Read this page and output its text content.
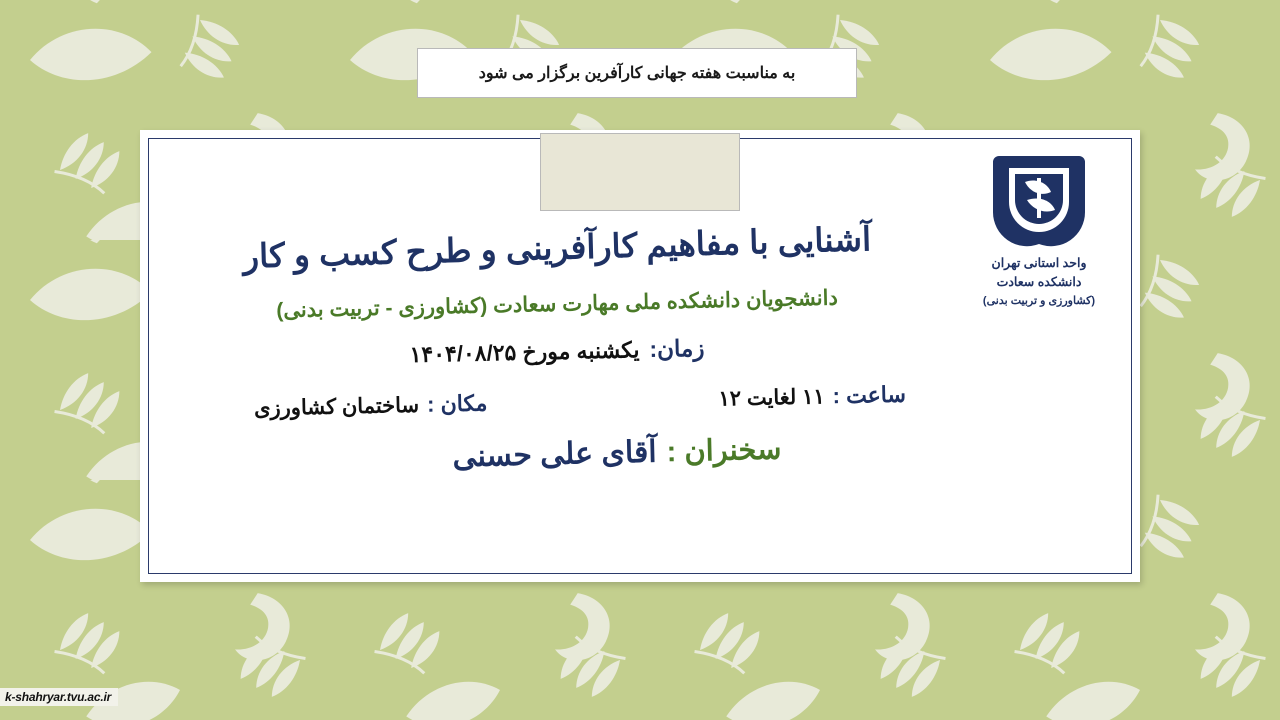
به مناسبت هفته جهانی کارآفرین برگزار می شود
واحد استانی تهران
دانشکده سعادت
(کشاورزی و تربیت بدنی)
آشنایی با مفاهیم کارآفرینی و طرح کسب و کار
دانشجویان دانشکده ملی مهارت سعادت (کشاورزی - تربیت بدنی)
زمان:
یکشنبه مورخ ۱۴۰۴/۰۸/۲۵
ساعت :
۱۱ لغایت ۱۲
مکان :
ساختمان کشاورزی
سخنران :
آقای علی حسنی
k-shahryar.tvu.ac.ir
